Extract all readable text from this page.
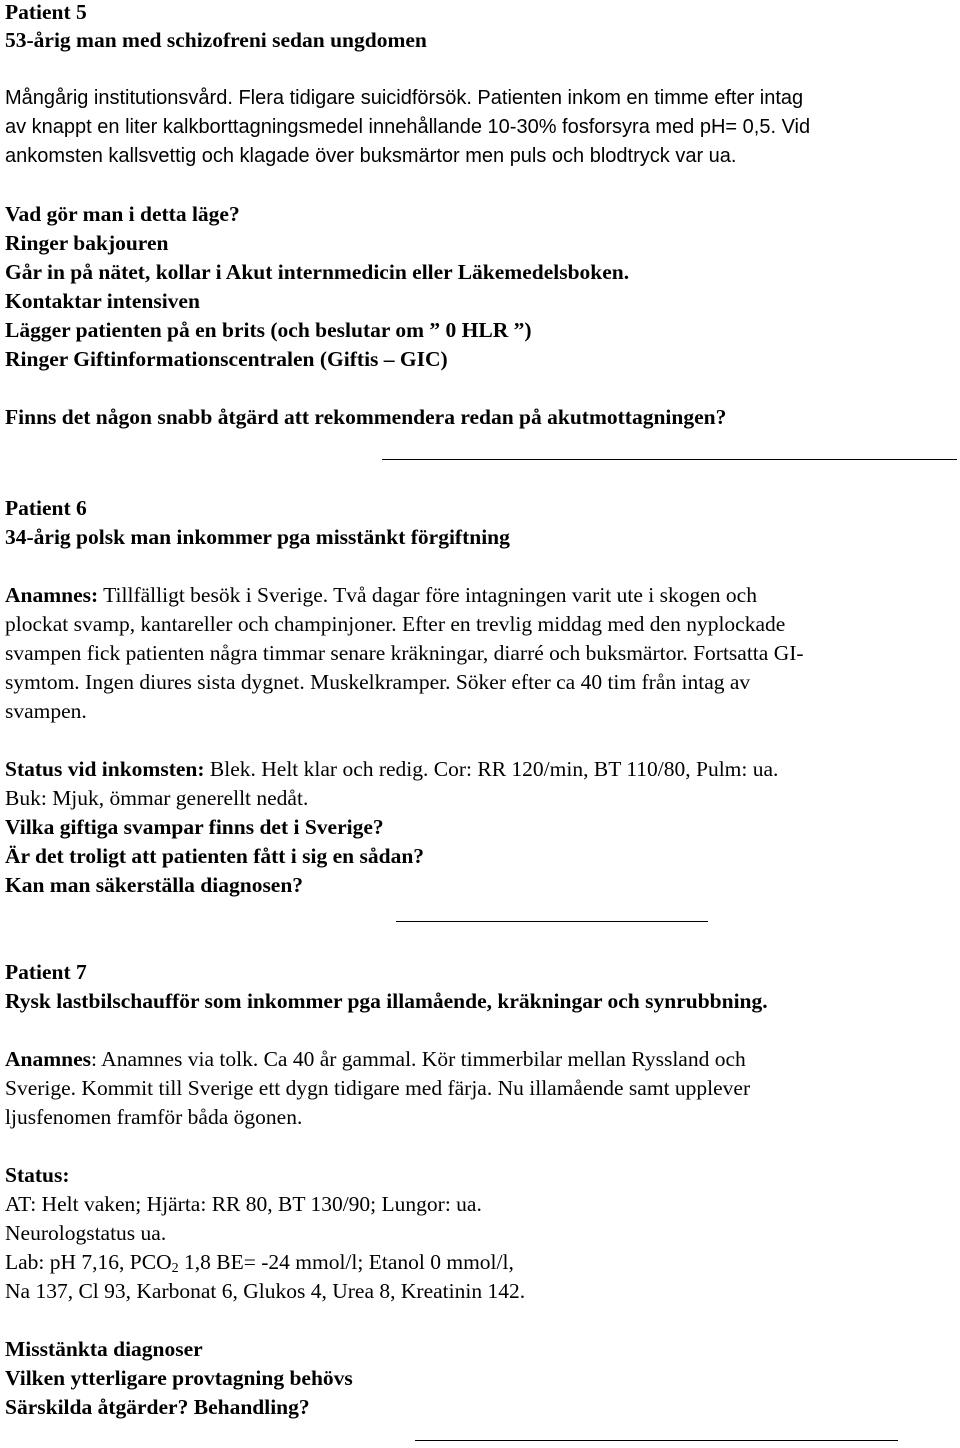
Patient 5
53-årig man med schizofreni sedan ungdomen
Mångårig institutionsvård. Flera tidigare suicidförsök. Patienten inkom en timme efter intag
av knappt en liter kalkborttagningsmedel innehållande 10-30% fosforsyra med pH= 0,5. Vid
ankomsten kallsvettig och klagade över buksmärtor men puls och blodtryck var ua.
Vad gör man i detta läge?
Ringer bakjouren
Går in på nätet, kollar i Akut internmedicin eller Läkemedelsboken.
Kontaktar intensiven
Lägger patienten på en brits (och beslutar om ” 0 HLR ”)
Ringer Giftinformationscentralen (Giftis – GIC)
Finns det någon snabb åtgärd att rekommendera redan på akutmottagningen?
Patient 6
34-årig polsk man inkommer pga misstänkt förgiftning
Anamnes: Tillfälligt besök i Sverige. Två dagar före intagningen varit ute i skogen och
plockat svamp, kantareller och champinjoner. Efter en trevlig middag med den nyplockade
svampen fick patienten några timmar senare kräkningar, diarré och buksmärtor. Fortsatta GI-
symtom. Ingen diures sista dygnet. Muskelkramper. Söker efter ca 40 tim från intag av
svampen.
Status vid inkomsten: Blek. Helt klar och redig. Cor: RR 120/min, BT 110/80, Pulm: ua.
Buk: Mjuk, ömmar generellt nedåt.
Vilka giftiga svampar finns det i Sverige?
Är det troligt att patienten fått i sig en sådan?
Kan man säkerställa diagnosen?
Patient 7
Rysk lastbilschaufför som inkommer pga illamående, kräkningar och synrubbning.
Anamnes: Anamnes via tolk. Ca 40 år gammal. Kör timmerbilar mellan Ryssland och
Sverige. Kommit till Sverige ett dygn tidigare med färja. Nu illamående samt upplever
ljusfenomen framför båda ögonen.
Status:
AT: Helt vaken; Hjärta: RR 80, BT 130/90; Lungor: ua.
Neurologstatus ua.
Lab: pH 7,16, $PCO_2$ 1,8 BE= -24 mmol/l; Etanol 0 mmol/l,
Na 137, Cl 93, Karbonat 6, Glukos 4, Urea 8, Kreatinin 142.
Misstänkta diagnoser
Vilken ytterligare provtagning behövs
Särskilda åtgärder? Behandling?
